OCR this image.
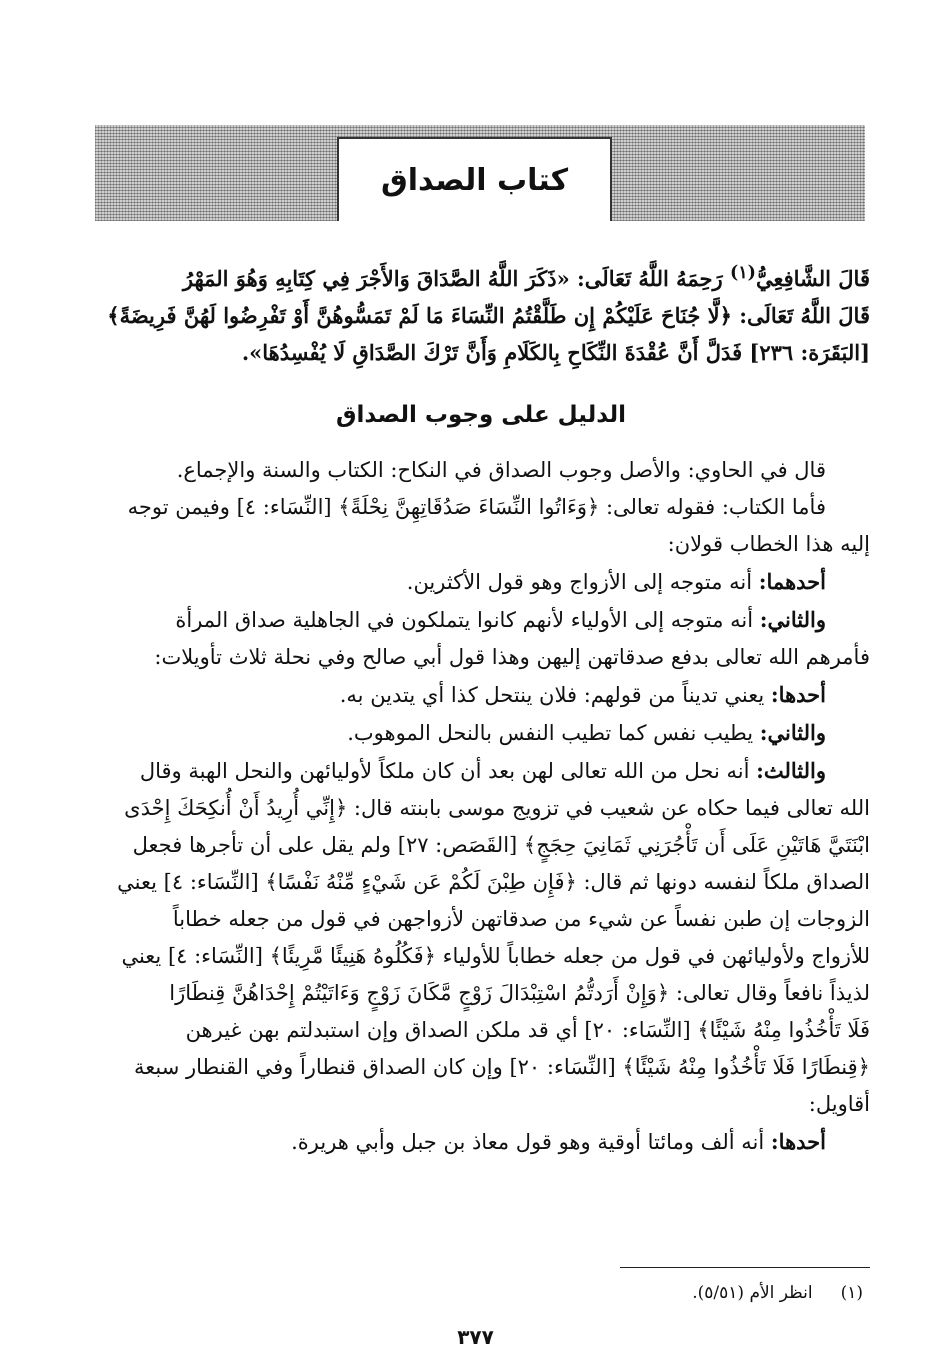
كتاب الصداق

قَالَ الشَّافِعِيُّ$^{(١)}$ رَحِمَهُ اللَّهُ تَعَالَى: «ذَكَرَ اللَّهُ الصَّدَاقَ وَالأَجْرَ فِي كِتَابِهِ وَهُوَ المَهْرُ

قَالَ اللَّهُ تَعَالَى: ﴿لَّا جُنَاحَ عَلَيْكُمْ إِن طَلَّقْتُمُ النِّسَاءَ مَا لَمْ تَمَسُّوهُنَّ أَوْ تَفْرِضُوا لَهُنَّ فَرِيضَةً﴾

[البَقَرَة: ٢٣٦] فَدَلَّ أَنَّ عُقْدَةَ النِّكَاحِ بِالكَلَامِ وَأَنَّ تَرْكَ الصَّدَاقِ لَا يُفْسِدُهَا».

الدليل على وجوب الصداق

قال في الحاوي: والأصل وجوب الصداق في النكاح: الكتاب والسنة والإجماع.

فأما الكتاب: فقوله تعالى: ﴿وَءَاتُوا النِّسَاءَ صَدُقَاتِهِنَّ نِحْلَةً﴾ [النِّسَاء: ٤] وفيمن توجه

إليه هذا الخطاب قولان:

أحدهما: أنه متوجه إلى الأزواج وهو قول الأكثرين.

والثاني: أنه متوجه إلى الأولياء لأنهم كانوا يتملكون في الجاهلية صداق المرأة

فأمرهم الله تعالى بدفع صدقاتهن إليهن وهذا قول أبي صالح وفي نحلة ثلاث تأويلات:

أحدها: يعني تديناً من قولهم: فلان ينتحل كذا أي يتدين به.

والثاني: يطيب نفس كما تطيب النفس بالنحل الموهوب.

والثالث: أنه نحل من الله تعالى لهن بعد أن كان ملكاً لأوليائهن والنحل الهبة وقال

الله تعالى فيما حكاه عن شعيب في تزويج موسى بابنته قال: ﴿إِنِّي أُرِيدُ أَنْ أُنكِحَكَ إِحْدَى

ابْنَتَيَّ هَاتَيْنِ عَلَى أَن تَأْجُرَنِي ثَمَانِيَ حِجَجٍ﴾ [القَصَص: ٢٧] ولم يقل على أن تأجرها فجعل

الصداق ملكاً لنفسه دونها ثم قال: ﴿فَإِن طِبْنَ لَكُمْ عَن شَيْءٍ مِّنْهُ نَفْسًا﴾ [النِّسَاء: ٤] يعني

الزوجات إن طبن نفساً عن شيء من صدقاتهن لأزواجهن في قول من جعله خطاباً

للأزواج ولأوليائهن في قول من جعله خطاباً للأولياء ﴿فَكُلُوهُ هَنِيئًا مَّرِيئًا﴾ [النِّسَاء: ٤] يعني

لذيذاً نافعاً وقال تعالى: ﴿وَإِنْ أَرَدتُّمُ اسْتِبْدَالَ زَوْجٍ مَّكَانَ زَوْجٍ وَءَاتَيْتُمْ إِحْدَاهُنَّ قِنطَارًا

فَلَا تَأْخُذُوا مِنْهُ شَيْئًا﴾ [النِّسَاء: ٢٠] أي قد ملكن الصداق وإن استبدلتم بهن غيرهن

﴿قِنطَارًا فَلَا تَأْخُذُوا مِنْهُ شَيْئًا﴾ [النِّسَاء: ٢٠] وإن كان الصداق قنطاراً وفي القنطار سبعة

أقاويل:

أحدها: أنه ألف ومائتا أوقية وهو قول معاذ بن جبل وأبي هريرة.

(١)انظر الأم (٥/٥١).
٣٧٧
